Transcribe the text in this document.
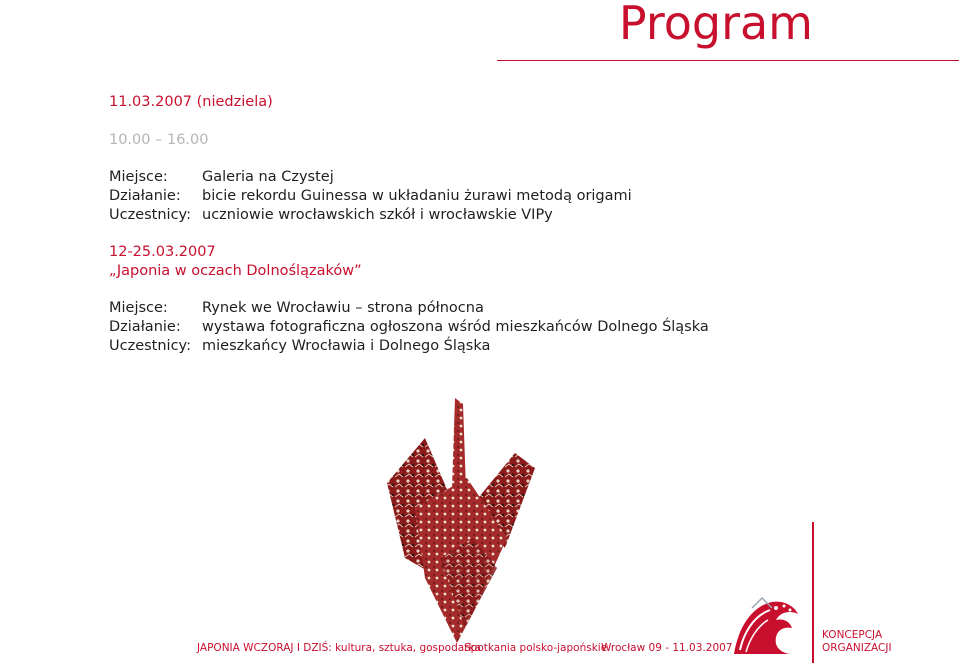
Program
11.03.2007 (niedziela)
10.00 – 16.00
Miejsce: Galeria na Czystej
Działanie: bicie rekordu Guinessa w układaniu żurawi metodą origami
Uczestnicy: uczniowie wrocławskich szkół i wrocławskie VIPy
12-25.03.2007
„Japonia w oczach Dolnoślązaków”
Miejsce: Rynek we Wrocławiu – strona północna
Działanie: wystawa fotograficzna ogłoszona wśród mieszkańców Dolnego Śląska
Uczestnicy: mieszkańcy Wrocławia i Dolnego Śląska
JAPONIA WCZORAJ I DZIŚ: kultura, sztuka, gospodarka
Spotkania polsko-japońskie
Wrocław 09 - 11.03.2007
KONCEPCJA
ORGANIZACJI
